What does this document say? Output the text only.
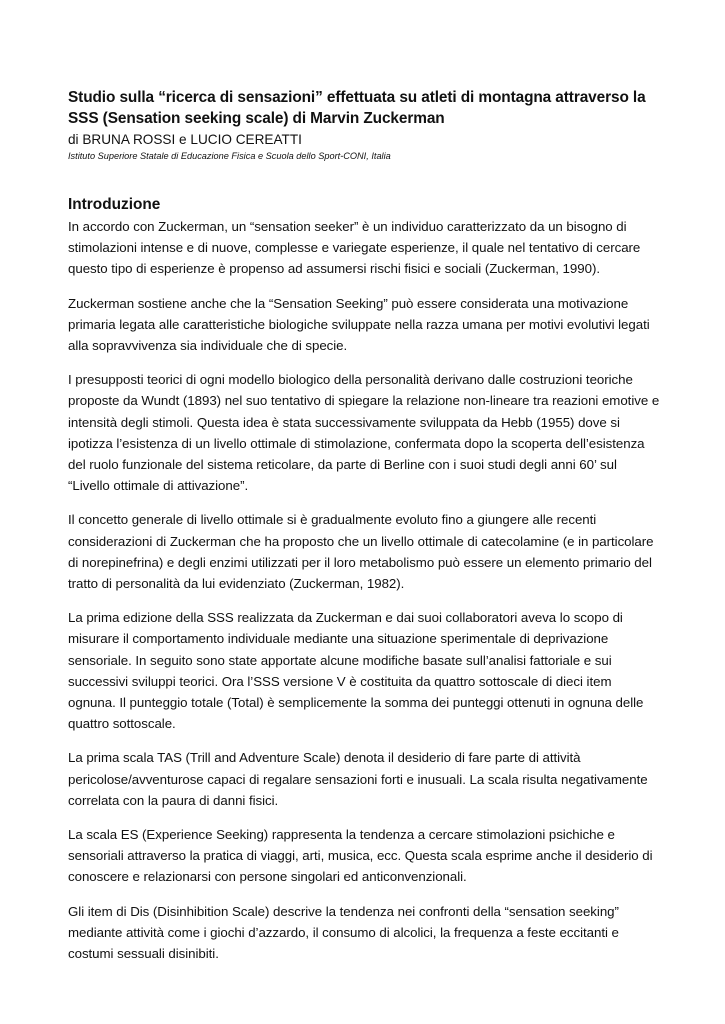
Studio sulla “ricerca di sensazioni” effettuata su atleti di montagna attraverso la SSS (Sensation seeking scale) di Marvin Zuckerman

di BRUNA ROSSI e LUCIO CEREATTI

Istituto Superiore Statale di Educazione Fisica e Scuola dello Sport-CONI, Italia

Introduzione

In accordo con Zuckerman, un “sensation seeker” è un individuo caratterizzato da un bisogno di stimolazioni intense e di nuove, complesse e variegate esperienze, il quale nel tentativo di cercare questo tipo di esperienze è propenso ad assumersi rischi fisici e sociali (Zuckerman, 1990).

Zuckerman sostiene anche che la “Sensation Seeking” può essere considerata una motivazione primaria legata alle caratteristiche biologiche sviluppate nella razza umana per motivi evolutivi legati alla sopravvivenza sia individuale che di specie.

I presupposti teorici di ogni modello biologico della personalità derivano dalle costruzioni teoriche proposte da Wundt (1893) nel suo tentativo di spiegare la relazione non-lineare tra reazioni emotive e intensità degli stimoli. Questa idea è stata successivamente sviluppata da Hebb (1955) dove si ipotizza l’esistenza di un livello ottimale di stimolazione, confermata dopo la scoperta dell’esistenza del ruolo funzionale del sistema reticolare, da parte di Berline con i suoi studi degli anni 60’ sul “Livello ottimale di attivazione”.

Il concetto generale di livello ottimale si è gradualmente evoluto fino a giungere alle recenti considerazioni di Zuckerman che ha proposto che un livello ottimale di catecolamine (e in particolare di norepinefrina) e degli enzimi utilizzati per il loro metabolismo può essere un elemento primario del tratto di personalità da lui evidenziato (Zuckerman, 1982).

La prima edizione della SSS realizzata da Zuckerman e dai suoi collaboratori aveva lo scopo di misurare il comportamento individuale mediante una situazione sperimentale di deprivazione sensoriale. In seguito sono state apportate alcune modifiche basate sull’analisi fattoriale e sui successivi sviluppi teorici. Ora l’SSS versione V è costituita da quattro sottoscale di dieci item ognuna. Il punteggio totale (Total) è semplicemente la somma dei punteggi ottenuti in ognuna delle quattro sottoscale.

La prima scala TAS (Trill and Adventure Scale) denota il desiderio di fare parte di attività pericolose/avventurose capaci di regalare sensazioni forti e inusuali. La scala risulta negativamente correlata con la paura di danni fisici.

La scala ES (Experience Seeking) rappresenta la tendenza a cercare stimolazioni psichiche e sensoriali attraverso la pratica di viaggi, arti, musica, ecc. Questa scala esprime anche il desiderio di conoscere e relazionarsi con persone singolari ed anticonvenzionali.

Gli item di Dis (Disinhibition Scale) descrive la tendenza nei confronti della “sensation seeking” mediante attività come i giochi d’azzardo, il consumo di alcolici, la frequenza a feste eccitanti e costumi sessuali disinibiti.
